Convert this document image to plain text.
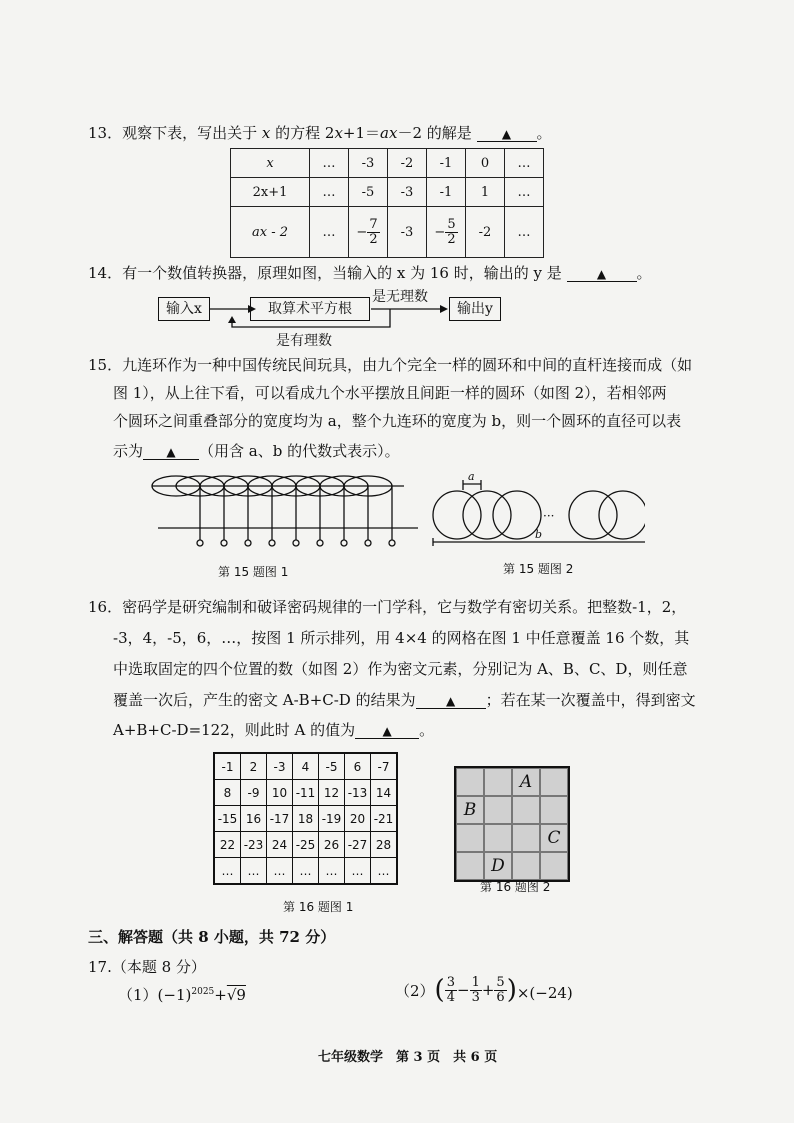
13．观察下表，写出关于 x 的方程 2x+1＝ax－2 的解是	▲ 。
x	…	-3	-2	-1	0	…
2x+1	…	-5	-3	-1	1	…
ax - 2	…	− $\frac{7}{2}$	-3	− $\frac{5}{2}$	-2	…
14．有一个数值转换器，原理如图，当输入的 x 为 16 时，输出的 y 是	▲ 。
输入x	取算术平方根	输出y
是无理数
是有理数
15．九连环作为一种中国传统民间玩具，由九个完全一样的圆环和中间的直杆连接而成（如
图 1），从上往下看，可以看成九个水平摆放且间距一样的圆环（如图 2），若相邻两
个圆环之间重叠部分的宽度均为 a，整个九连环的宽度为 b，则一个圆环的直径可以表
示为 ▲ （用含 a、b 的代数式表示）。
第 15 题图 1
···
a
b
第 15 题图 2
16．密码学是研究编制和破译密码规律的一门学科，它与数学有密切关系。把整数-1，2，
-3，4，-5，6，…，按图 1 所示排列，用 4×4 的网格在图 1 中任意覆盖 16 个数，其
中选取固定的四个位置的数（如图 2）作为密文元素，分别记为 A、B、C、D，则任意
覆盖一次后，产生的密文 A-B+C-D 的结果为	▲ ；若在某一次覆盖中，得到密文
A+B+C-D=122，则此时 A 的值为 ▲ 。
-1	2	-3	4	-5	6	-7
8	-9	10	-11	12	-13	14
-15	16	-17	18	-19	20	-21
22	-23	24	-25	26	-27	28
…	…	…	…	…	…	…
第 16 题图 1
A
B
C
D
第 16 题图 2
三、解答题（共 8 小题，共 72 分）
17.（本题 8 分）
$(1)(-1)^{2025}+√9$	（2） ( $\frac{3}{4} - \frac{1}{3} + \frac{5}{6} )\times(-24)$
七年级数学　第 3 页　共 6 页
